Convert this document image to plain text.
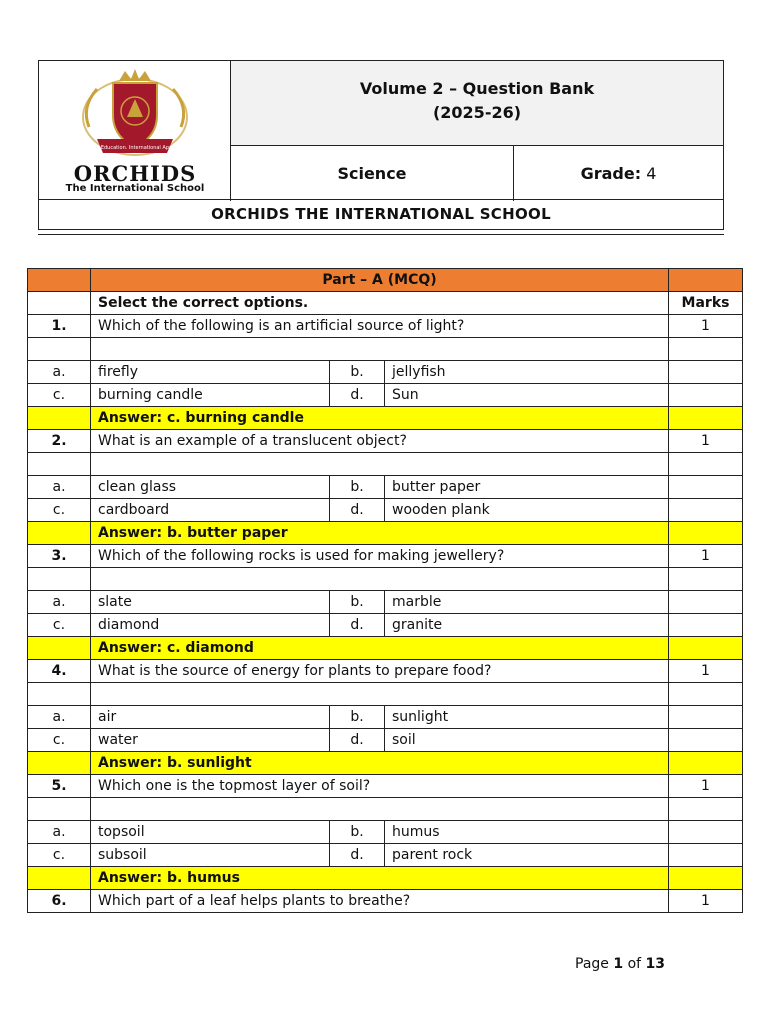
Indian Education. International Approach
ORCHIDS
The International School
Volume 2 – Question Bank
(2025-26)
Science	Grade: 4
ORCHIDS THE INTERNATIONAL SCHOOL
	Part – A (MCQ)			
	Select the correct options.			Marks
1.	Which of the following is an artificial source of light?			1

a.	firefly	b.	jellyfish	
c.	burning candle	d.	Sun	
	Answer: c. burning candle			
2.	What is an example of a translucent object?			1

a.	clean glass	b.	butter paper	
c.	cardboard	d.	wooden plank	
	Answer: b. butter paper			
3.	Which of the following rocks is used for making jewellery?			1

a.	slate	b.	marble	
c.	diamond	d.	granite	
	Answer: c. diamond			
4.	What is the source of energy for plants to prepare food?			1

a.	air	b.	sunlight	
c.	water	d.	soil	
	Answer: b. sunlight			
5.	Which one is the topmost layer of soil?			1

a.	topsoil	b.	humus	
c.	subsoil	d.	parent rock	
	Answer: b. humus			
6.	Which part of a leaf helps plants to breathe?			1
Page 1 of 13
